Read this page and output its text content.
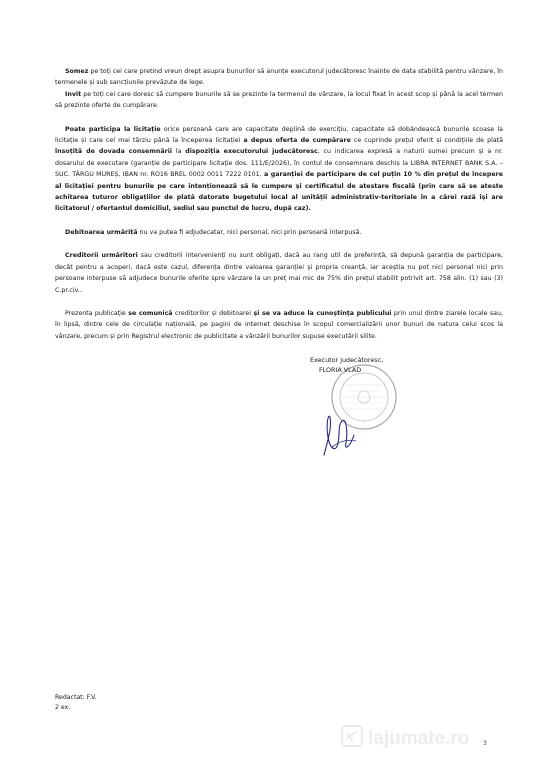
Somez pe toți cei care pretind vreun drept asupra bunurilor să anunțe executorul judecătoresc înainte de data stabilită pentru vânzare, în termenele și sub sancțiunile prevăzute de lege.

Invit pe toți cei care doresc să cumpere bunurile să se prezinte la termenul de vânzare, la locul fixat în acest scop și până la acel termen să prezinte oferte de cumpărare.

Poate participa la licitație orice persoană care are capacitate deplină de exercițiu, capacitate să dobândească bunurile scoase la licitație și care cel mai târziu până la începerea licitației a depus oferta de cumpărare ce cuprinde prețul oferit și condițiile de plată însoțită de dovada consemnării la dispoziția executorului judecătoresc, cu indicarea expresă a naturii sumei precum și a nr. dosarului de executare (garanție de participare licitație dos. 111/E/2026), în contul de consemnare deschis la LIBRA INTERNET BANK S.A. – SUC. TÂRGU MUREȘ, IBAN nr. RO16 BREL 0002 0011 7222 0101, a garanției de participare de cel puțin 10 % din prețul de începere al licitației pentru bunurile pe care intenționează să le cumpere și certificatul de atestare fiscală (prin care să se ateste achitarea tuturor obligațiilor de plată datorate bugetului local al unității administrativ-teritoriale în a cărei rază își are licitatorul / ofertantul domiciliul, sediul sau punctul de lucru, după caz).

Debitoarea urmărită nu va putea fi adjudecatar, nici personal, nici prin persoană interpusă.

Creditorii urmăritori sau creditorii intervenienți nu sunt obligați, dacă au rang util de preferință, să depună garanția de participare, decât pentru a acoperi, dacă este cazul, diferența dintre valoarea garanției și propria creanță, iar aceștia nu pot nici personal nici prin persoane interpuse să adjudece bunurile oferite spre vânzare la un preț mai mic de 75% din prețul stabilit potrivit art. 758 alin. (1) sau (3) C.pr.civ..

Prezenta publicație se comunică creditorilor și debitoarei și se va aduce la cunoștința publicului prin unul dintre ziarele locale sau, în lipsă, dintre cele de circulație națională, pe pagini de internet deschise în scopul comercializării unor bunuri de natura celui scos la vânzare, precum și prin Registrul electronic de publicitate a vânzării bunurilor supuse executării silite.

Executor judecătoresc,
FLORIA VLAD
Redactat: F.V.
2 ex.
lajumate.ro 3
